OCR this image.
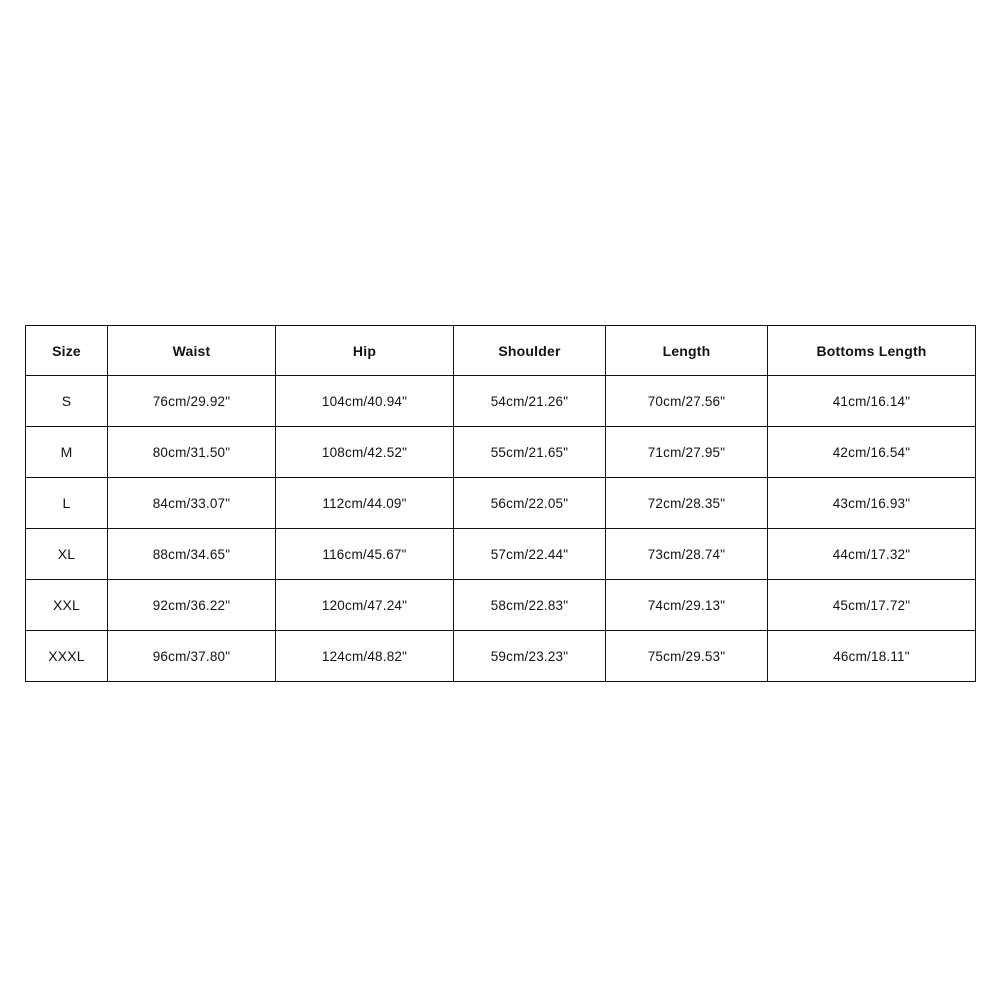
Size	Waist	Hip	Shoulder	Length	Bottoms Length
S	76cm/29.92"	104cm/40.94"	54cm/21.26"	70cm/27.56"	41cm/16.14"
M	80cm/31.50"	108cm/42.52"	55cm/21.65"	71cm/27.95"	42cm/16.54"
L	84cm/33.07"	112cm/44.09"	56cm/22.05"	72cm/28.35"	43cm/16.93"
XL	88cm/34.65"	116cm/45.67"	57cm/22.44"	73cm/28.74"	44cm/17.32"
XXL	92cm/36.22"	120cm/47.24"	58cm/22.83"	74cm/29.13"	45cm/17.72"
XXXL	96cm/37.80"	124cm/48.82"	59cm/23.23"	75cm/29.53"	46cm/18.11"
